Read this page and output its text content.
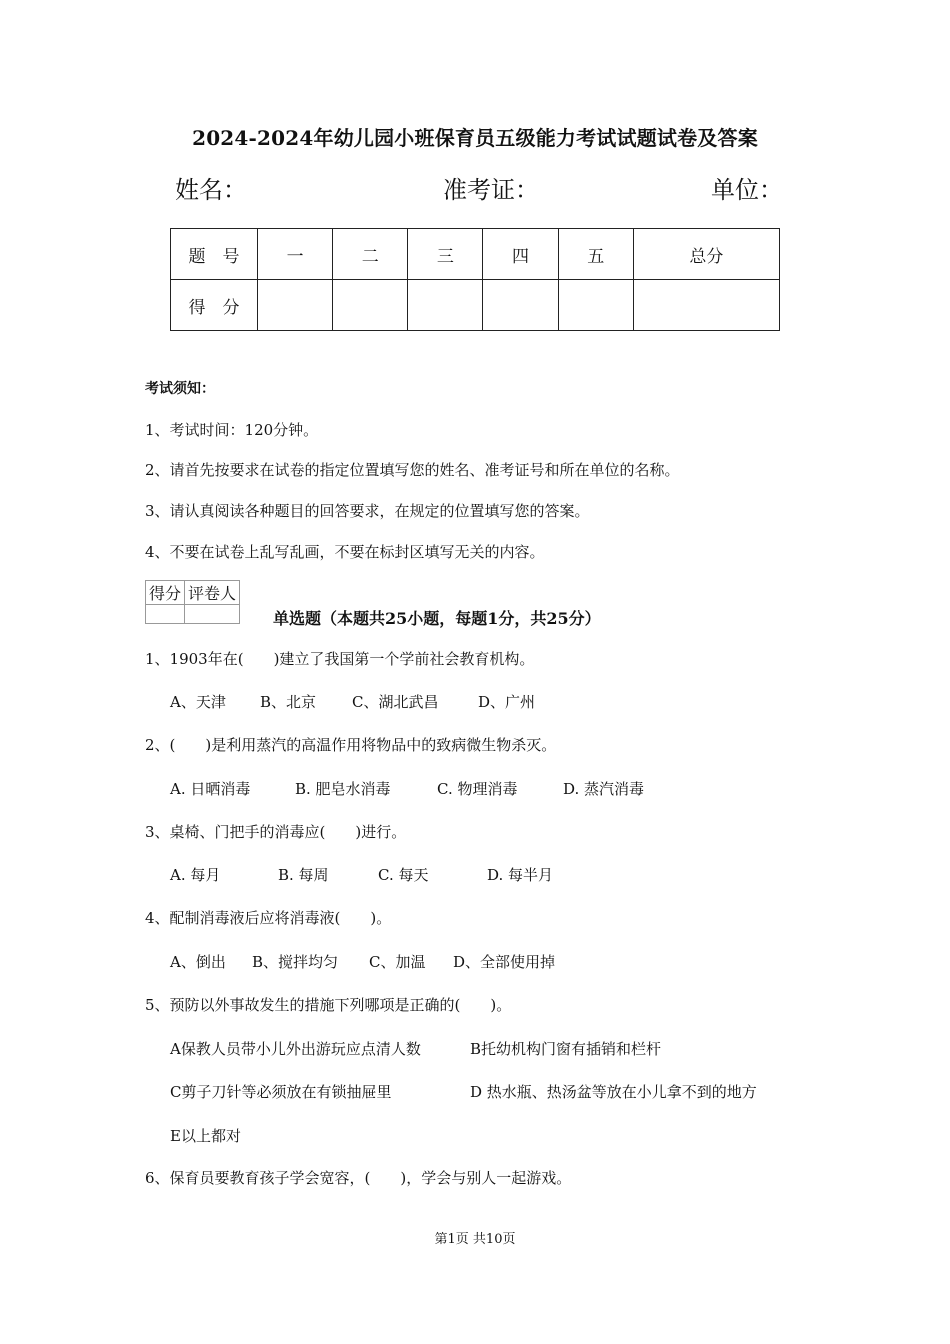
2024-2024年幼儿园小班保育员五级能力考试试题试卷及答案
姓名：	准考证：	单位：
题　号	一	二	三	四	五	总分
得　分						
考试须知：
1、考试时间：120分钟。
2、请首先按要求在试卷的指定位置填写您的姓名、准考证号和所在单位的名称。
3、请认真阅读各种题目的回答要求，在规定的位置填写您的答案。
4、不要在试卷上乱写乱画，不要在标封区填写无关的内容。
得分	评卷人

单选题（本题共25小题，每题1分，共25分）
1、1903年在(　　)建立了我国第一个学前社会教育机构。
A、天津 B、北京 C、湖北武昌	D、广州
2、(　　)是利用蒸汽的高温作用将物品中的致病微生物杀灭。
A. 日晒消毒	B. 肥皂水消毒	C. 物理消毒	D. 蒸汽消毒
3、桌椅、门把手的消毒应(　　)进行。
A. 每月	B. 每周	C. 每天	D. 每半月
4、配制消毒液后应将消毒液(　　)。
A、倒出 B、搅拌均匀 C、加温 D、全部使用掉
5、预防以外事故发生的措施下列哪项是正确的(　　)。
A保教人员带小儿外出游玩应点清人数	B托幼机构门窗有插销和栏杆
C剪子刀针等必须放在有锁抽屉里	D 热水瓶、热汤盆等放在小儿拿不到的地方
E以上都对
6、保育员要教育孩子学会宽容，(　　)，学会与别人一起游戏。
第1页 共10页
